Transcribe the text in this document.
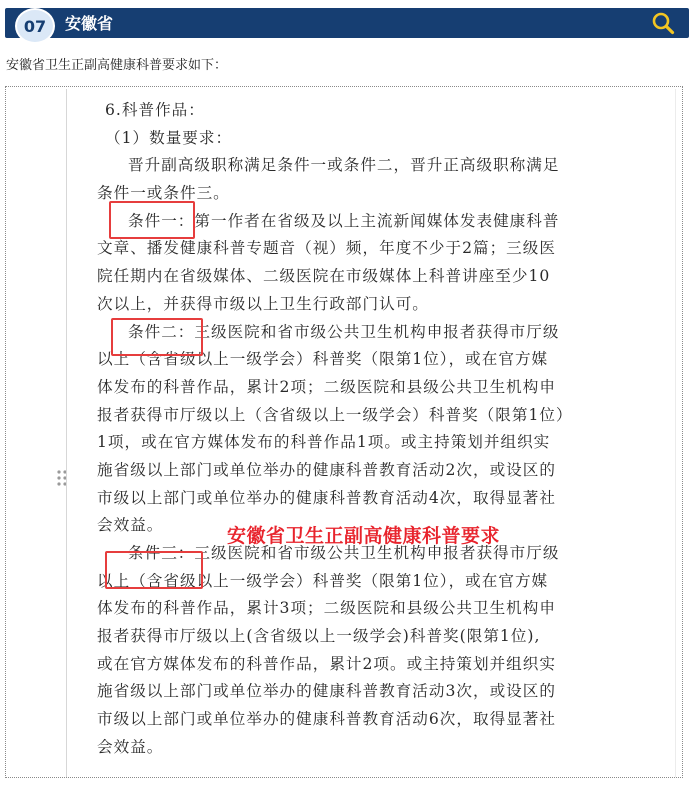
07	安徽省
安徽省卫生正副高健康科普要求如下：
6.科普作品：
（1）数量要求：
晋升副高级职称满足条件一或条件二，晋升正高级职称满足
条件一或条件三。
条件一：第一作者在省级及以上主流新闻媒体发表健康科普
文章、播发健康科普专题音（视）频，年度不少于2篇；三级医
院任期内在省级媒体、二级医院在市级媒体上科普讲座至少10
次以上，并获得市级以上卫生行政部门认可。
条件二：三级医院和省市级公共卫生机构申报者获得市厅级
以上（含省级以上一级学会）科普奖（限第1位），或在官方媒
体发布的科普作品，累计2项；二级医院和县级公共卫生机构申
报者获得市厅级以上（含省级以上一级学会）科普奖（限第1位）
1项，或在官方媒体发布的科普作品1项。或主持策划并组织实
施省级以上部门或单位举办的健康科普教育活动2次，或设区的
市级以上部门或单位举办的健康科普教育活动4次，取得显著社
会效益。
条件三：三级医院和省市级公共卫生机构申报者获得市厅级
以上（含省级以上一级学会）科普奖（限第1位），或在官方媒
体发布的科普作品，累计3项；二级医院和县级公共卫生机构申
报者获得市厅级以上(含省级以上一级学会)科普奖(限第1位),
或在官方媒体发布的科普作品，累计2项。或主持策划并组织实
施省级以上部门或单位举办的健康科普教育活动3次，或设区的
市级以上部门或单位举办的健康科普教育活动6次，取得显著社
会效益。
安徽省卫生正副高健康科普要求
